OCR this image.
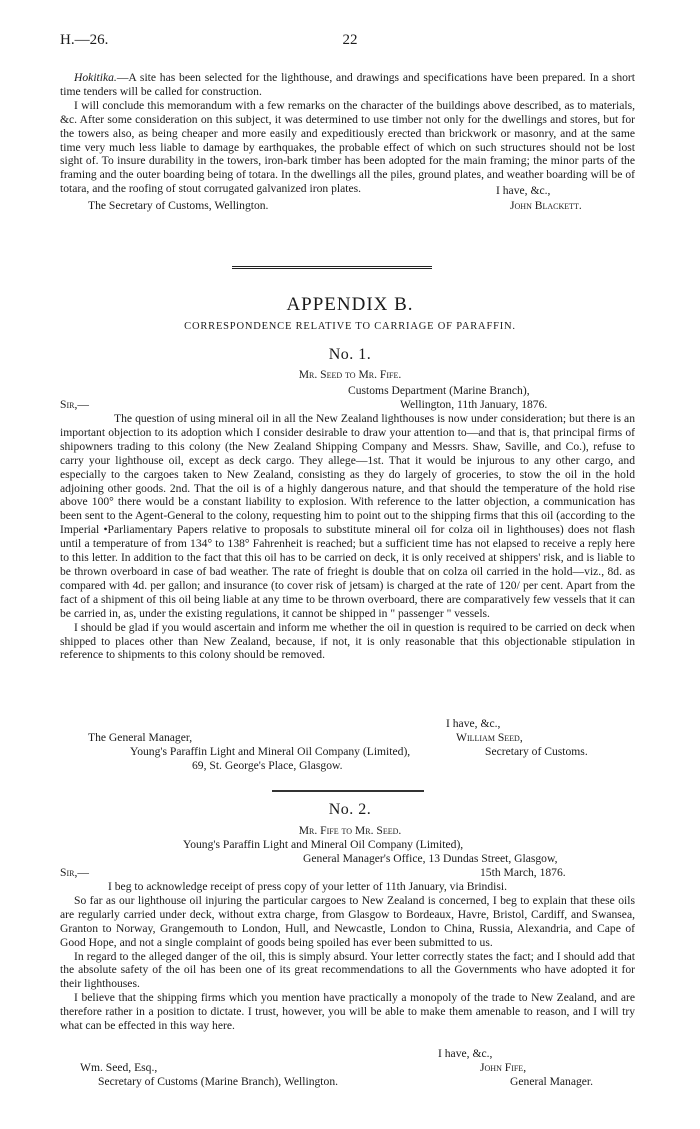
H.—26.	22

Hokitika.—A site has been selected for the lighthouse, and drawings and specifications have been prepared. In a short time tenders will be called for construction.

I will conclude this memorandum with a few remarks on the character of the buildings above described, as to materials, &c. After some consideration on this subject, it was determined to use timber not only for the dwellings and stores, but for the towers also, as being cheaper and more easily and expeditiously erected than brickwork or masonry, and at the same time very much less liable to damage by earthquakes, the probable effect of which on such structures should not be lost sight of. To insure durability in the towers, iron-bark timber has been adopted for the main framing; the minor parts of the framing and the outer boarding being of totara. In the dwellings all the piles, ground plates, and weather boarding will be of totara, and the roofing of stout corrugated galvanized iron plates.	I have, &c.,
The Secretary of Customs, Wellington.	John Blackett.
APPENDIX B.
CORRESPONDENCE RELATIVE TO CARRIAGE OF PARAFFIN.
No. 1.
Mr. Seed to Mr. Fife.
Customs Department (Marine Branch),
Wellington, 11th January, 1876.
Sir,—

The question of using mineral oil in all the New Zealand lighthouses is now under consideration; but there is an important objection to its adoption which I consider desirable to draw your attention to—and that is, that principal firms of shipowners trading to this colony (the New Zealand Shipping Company and Messrs. Shaw, Saville, and Co.), refuse to carry your lighthouse oil, except as deck cargo. They allege—1st. That it would be injurous to any other cargo, and especially to the cargoes taken to New Zealand, consisting as they do largely of groceries, to stow the oil in the hold adjoining other goods. 2nd. That the oil is of a highly dangerous nature, and that should the temperature of the hold rise above 100° there would be a constant liability to explosion. With reference to the latter objection, a communication has been sent to the Agent-General to the colony, requesting him to point out to the shipping firms that this oil (according to the Imperial •Parliamentary Papers relative to proposals to substitute mineral oil for colza oil in lighthouses) does not flash until a temperature of from 134° to 138° Fahrenheit is reached; but a sufficient time has not elapsed to receive a reply here to this letter. In addition to the fact that this oil has to be carried on deck, it is only received at shippers' risk, and is liable to be thrown overboard in case of bad weather. The rate of frieght is double that on colza oil carried in the hold—viz., 8d. as compared with 4d. per gallon; and insurance (to cover risk of jetsam) is charged at the rate of 120/ per cent. Apart from the fact of a shipment of this oil being liable at any time to be thrown overboard, there are comparatively few vessels that it can be carried in, as, under the existing regulations, it cannot be shipped in " passenger " vessels.

I should be glad if you would ascertain and inform me whether the oil in question is required to be carried on deck when shipped to places other than New Zealand, because, if not, it is only reasonable that this objectionable stipulation in reference to shipments to this colony should be removed.

I have, &c.,
The General Manager,	William Seed,
Young's Paraffin Light and Mineral Oil Company (Limited),	Secretary of Customs.
69, St. George's Place, Glasgow.
No. 2.
Mr. Fife to Mr. Seed.
Young's Paraffin Light and Mineral Oil Company (Limited),
General Manager's Office, 13 Dundas Street, Glasgow,
Sir,—	15th March, 1876.

I beg to acknowledge receipt of press copy of your letter of 11th January, via Brindisi.

So far as our lighthouse oil injuring the particular cargoes to New Zealand is concerned, I beg to explain that these oils are regularly carried under deck, without extra charge, from Glasgow to Bordeaux, Havre, Bristol, Cardiff, and Swansea, Granton to Norway, Grangemouth to London, Hull, and Newcastle, London to China, Russia, Alexandria, and Cape of Good Hope, and not a single complaint of goods being spoiled has ever been submitted to us.

In regard to the alleged danger of the oil, this is simply absurd. Your letter correctly states the fact; and I should add that the absolute safety of the oil has been one of its great recommendations to all the Governments who have adopted it for their lighthouses.

I believe that the shipping firms which you mention have practically a monopoly of the trade to New Zealand, and are therefore rather in a position to dictate. I trust, however, you will be able to make them amenable to reason, and I will try what can be effected in this way here.

I have, &c.,
Wm. Seed, Esq.,	John Fife,
Secretary of Customs (Marine Branch), Wellington.	General Manager.
